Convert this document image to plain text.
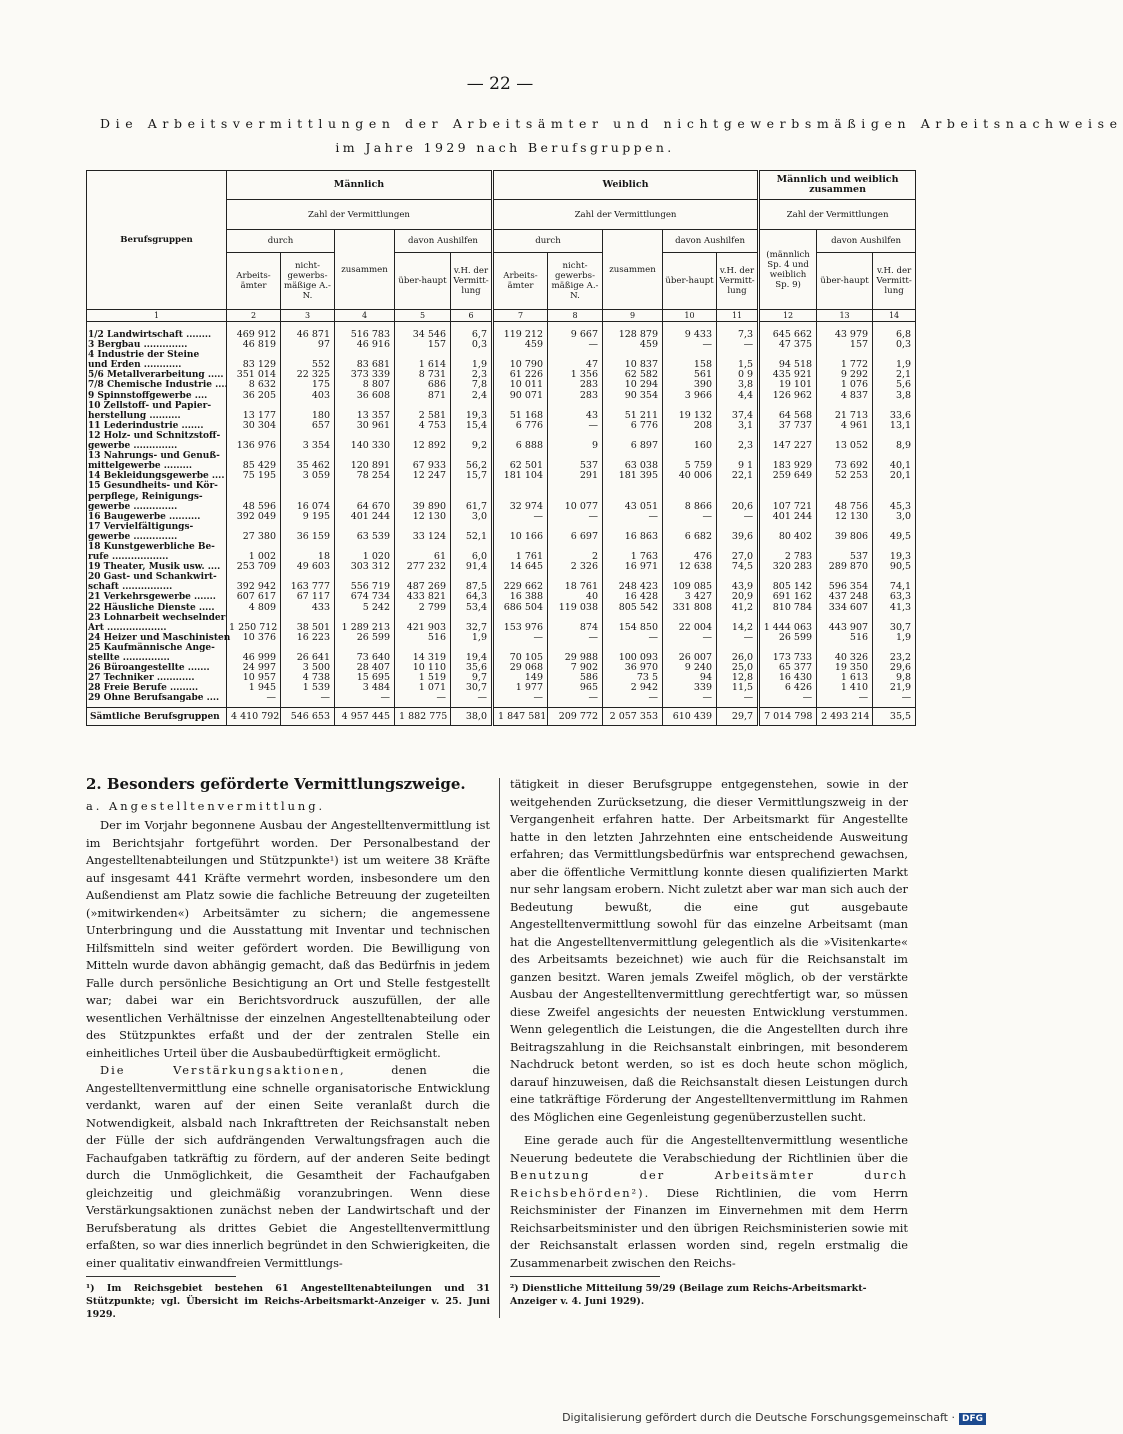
— 22 —
Die Arbeitsvermittlungen der Arbeitsämter und nichtgewerbsmäßigen Arbeitsnachweise
im Jahre 1929 nach Berufsgruppen.
Berufsgruppen	Männlich					Weiblich					Männlich und weiblich zusammen		
	Zahl der Vermittlungen					Zahl der Vermittlungen					Zahl der Vermittlungen		
	durch		zusammen	davon Aushilfen		durch		zusammen	davon Aushilfen		(männlich Sp. 4 und weiblich Sp. 9)	davon Aushilfen	
	Arbeits-ämter	nicht-gewerbs-mäßige A.-N.		über-haupt	v.H. der Vermitt-lung	Arbeits-ämter	nicht-gewerbs-mäßige A.-N.		über-haupt	v.H. der Vermitt-lung		über-haupt	v.H. der Vermitt-lung
1	2	3	4	5	6	7	8	9	10	11	12	13	14
1/2 Landwirtschaft ........	469 912	46 871	516 783	34 546	6,7	119 212	9 667	128 879	9 433	7,3	645 662	43 979	6,8
3 Bergbau ..............	46 819	97	46 916	157	0,3	459	—	459	—	—	47 375	157	0,3
4 Industrie der Steine													
und Erden ............	83 129	552	83 681	1 614	1,9	10 790	47	10 837	158	1,5	94 518	1 772	1,9
5/6 Metallverarbeitung .....	351 014	22 325	373 339	8 731	2,3	61 226	1 356	62 582	561	0 9	435 921	9 292	2,1
7/8 Chemische Industrie ....	8 632	175	8 807	686	7,8	10 011	283	10 294	390	3,8	19 101	1 076	5,6
9 Spinnstoffgewerbe ....	36 205	403	36 608	871	2,4	90 071	283	90 354	3 966	4,4	126 962	4 837	3,8
10 Zellstoff- und Papier-													
herstellung ..........	13 177	180	13 357	2 581	19,3	51 168	43	51 211	19 132	37,4	64 568	21 713	33,6
11 Lederindustrie .......	30 304	657	30 961	4 753	15,4	6 776	—	6 776	208	3,1	37 737	4 961	13,1
12 Holz- und Schnitzstoff-													
gewerbe ..............	136 976	3 354	140 330	12 892	9,2	6 888	9	6 897	160	2,3	147 227	13 052	8,9
13 Nahrungs- und Genuß-													
mittelgewerbe .........	85 429	35 462	120 891	67 933	56,2	62 501	537	63 038	5 759	9 1	183 929	73 692	40,1
14 Bekleidungsgewerbe ....	75 195	3 059	78 254	12 247	15,7	181 104	291	181 395	40 006	22,1	259 649	52 253	20,1
15 Gesundheits- und Kör-													
perpflege, Reinigungs-													
gewerbe ..............	48 596	16 074	64 670	39 890	61,7	32 974	10 077	43 051	8 866	20,6	107 721	48 756	45,3
16 Baugewerbe ..........	392 049	9 195	401 244	12 130	3,0	—	—	—	—	—	401 244	12 130	3,0
17 Vervielfältigungs-													
gewerbe ..............	27 380	36 159	63 539	33 124	52,1	10 166	6 697	16 863	6 682	39,6	80 402	39 806	49,5
18 Kunstgewerbliche Be-													
rufe ..................	1 002	18	1 020	61	6,0	1 761	2	1 763	476	27,0	2 783	537	19,3
19 Theater, Musik usw. ....	253 709	49 603	303 312	277 232	91,4	14 645	2 326	16 971	12 638	74,5	320 283	289 870	90,5
20 Gast- und Schankwirt-													
schaft ................	392 942	163 777	556 719	487 269	87,5	229 662	18 761	248 423	109 085	43,9	805 142	596 354	74,1
21 Verkehrsgewerbe .......	607 617	67 117	674 734	433 821	64,3	16 388	40	16 428	3 427	20,9	691 162	437 248	63,3
22 Häusliche Dienste .....	4 809	433	5 242	2 799	53,4	686 504	119 038	805 542	331 808	41,2	810 784	334 607	41,3
23 Lohnarbeit wechselnder													
Art ...................	1 250 712	38 501	1 289 213	421 903	32,7	153 976	874	154 850	22 004	14,2	1 444 063	443 907	30,7
24 Heizer und Maschinisten	10 376	16 223	26 599	516	1,9	—	—	—	—	—	26 599	516	1,9
25 Kaufmännische Ange-													
stellte ...............	46 999	26 641	73 640	14 319	19,4	70 105	29 988	100 093	26 007	26,0	173 733	40 326	23,2
26 Büroangestellte .......	24 997	3 500	28 407	10 110	35,6	29 068	7 902	36 970	9 240	25,0	65 377	19 350	29,6
27 Techniker ............	10 957	4 738	15 695	1 519	9,7	149	586	73 5	94	12,8	16 430	1 613	9,8
28 Freie Berufe .........	1 945	1 539	3 484	1 071	30,7	1 977	965	2 942	339	11,5	6 426	1 410	21,9
29 Ohne Berufsangabe ....	—	—	—	—	—	—	—	—	—	—	—	—	—
Sämtliche Berufsgruppen	4 410 792	546 653	4 957 445	1 882 775	38,0	1 847 581	209 772	2 057 353	610 439	29,7	7 014 798	2 493 214	35,5
2. Besonders geförderte Vermittlungszweige.

a. Angestelltenvermittlung.

Der im Vorjahr begonnene Ausbau der Angestelltenvermittlung ist im Berichtsjahr fortgeführt worden. Der Personalbestand der Angestelltenabteilungen und Stützpunkte¹) ist um weitere 38 Kräfte auf insgesamt 441 Kräfte vermehrt worden, insbesondere um den Außendienst am Platz sowie die fachliche Betreuung der zugeteilten (»mitwirkenden«) Arbeitsämter zu sichern; die angemessene Unterbringung und die Ausstattung mit Inventar und technischen Hilfsmitteln sind weiter gefördert worden. Die Bewilligung von Mitteln wurde davon abhängig gemacht, daß das Bedürfnis in jedem Falle durch persönliche Besichtigung an Ort und Stelle festgestellt war; dabei war ein Berichtsvordruck auszufüllen, der alle wesentlichen Verhältnisse der einzelnen Angestelltenabteilung oder des Stützpunktes erfaßt und der der zentralen Stelle ein einheitliches Urteil über die Ausbaubedürftigkeit ermöglicht.

Die Verstärkungsaktionen, denen die Angestelltenvermittlung eine schnelle organisatorische Entwicklung verdankt, waren auf der einen Seite veranlaßt durch die Notwendigkeit, alsbald nach Inkrafttreten der Reichsanstalt neben der Fülle der sich aufdrängenden Verwaltungsfragen auch die Fachaufgaben tatkräftig zu fördern, auf der anderen Seite bedingt durch die Unmöglichkeit, die Gesamtheit der Fachaufgaben gleichzeitig und gleichmäßig voranzubringen. Wenn diese Verstärkungsaktionen zunächst neben der Landwirtschaft und der Berufsberatung als drittes Gebiet die Angestelltenvermittlung erfaßten, so war dies innerlich begründet in den Schwierigkeiten, die einer qualitativ einwandfreien Vermittlungs-

tätigkeit in dieser Berufsgruppe entgegenstehen, sowie in der weitgehenden Zurücksetzung, die dieser Vermittlungszweig in der Vergangenheit erfahren hatte. Der Arbeitsmarkt für Angestellte hatte in den letzten Jahrzehnten eine entscheidende Ausweitung erfahren; das Vermittlungsbedürfnis war entsprechend gewachsen, aber die öffentliche Vermittlung konnte diesen qualifizierten Markt nur sehr langsam erobern. Nicht zuletzt aber war man sich auch der Bedeutung bewußt, die eine gut ausgebaute Angestelltenvermittlung sowohl für das einzelne Arbeitsamt (man hat die Angestelltenvermittlung gelegentlich als die »Visitenkarte« des Arbeitsamts bezeichnet) wie auch für die Reichsanstalt im ganzen besitzt. Waren jemals Zweifel möglich, ob der verstärkte Ausbau der Angestelltenvermittlung gerechtfertigt war, so müssen diese Zweifel angesichts der neuesten Entwicklung verstummen. Wenn gelegentlich die Leistungen, die die Angestellten durch ihre Beitragszahlung in die Reichsanstalt einbringen, mit besonderem Nachdruck betont werden, so ist es doch heute schon möglich, darauf hinzuweisen, daß die Reichsanstalt diesen Leistungen durch eine tatkräftige Förderung der Angestelltenvermittlung im Rahmen des Möglichen eine Gegenleistung gegenüberzustellen sucht.

Eine gerade auch für die Angestelltenvermittlung wesentliche Neuerung bedeutete die Verabschiedung der Richtlinien über die Benutzung der Arbeitsämter durch Reichsbehörden²). Diese Richtlinien, die vom Herrn Reichsminister der Finanzen im Einvernehmen mit dem Herrn Reichsarbeitsminister und den übrigen Reichsministerien sowie mit der Reichsanstalt erlassen worden sind, regeln erstmalig die Zusammenarbeit zwischen den Reichs-

¹) Im Reichsgebiet bestehen 61 Angestelltenabteilungen und 31 Stützpunkte; vgl. Übersicht im Reichs-Arbeitsmarkt-Anzeiger v. 25. Juni 1929.
²) Dienstliche Mitteilung 59/29 (Beilage zum Reichs-Arbeitsmarkt-Anzeiger v. 4. Juni 1929).
Digitalisierung gefördert durch die Deutsche Forschungsgemeinschaft · DFG
